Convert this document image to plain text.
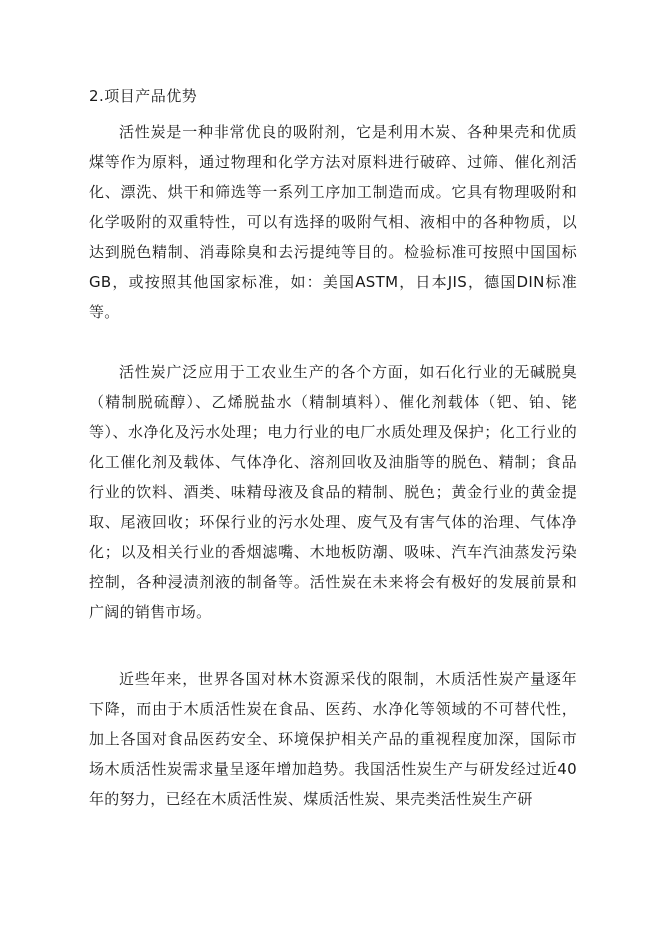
2.项目产品优势

活性炭是一种非常优良的吸附剂，它是利用木炭、各种果壳和优质煤等作为原料，通过物理和化学方法对原料进行破碎、过筛、催化剂活化、漂洗、烘干和筛选等一系列工序加工制造而成。它具有物理吸附和化学吸附的双重特性，可以有选择的吸附气相、液相中的各种物质，以达到脱色精制、消毒除臭和去污提纯等目的。检验标准可按照中国国标GB，或按照其他国家标准，如：美国ASTM，日本JIS，德国DIN标准等。

活性炭广泛应用于工农业生产的各个方面，如石化行业的无碱脱臭（精制脱硫醇）、乙烯脱盐水（精制填料）、催化剂载体（钯、铂、铑等）、水净化及污水处理；电力行业的电厂水质处理及保护；化工行业的化工催化剂及载体、气体净化、溶剂回收及油脂等的脱色、精制；食品行业的饮料、酒类、味精母液及食品的精制、脱色；黄金行业的黄金提取、尾液回收；环保行业的污水处理、废气及有害气体的治理、气体净化；以及相关行业的香烟滤嘴、木地板防潮、吸味、汽车汽油蒸发污染控制，各种浸渍剂液的制备等。活性炭在未来将会有极好的发展前景和广阔的销售市场。

近些年来，世界各国对林木资源采伐的限制，木质活性炭产量逐年下降，而由于木质活性炭在食品、医药、水净化等领域的不可替代性，加上各国对食品医药安全、环境保护相关产品的重视程度加深，国际市场木质活性炭需求量呈逐年增加趋势。我国活性炭生产与研发经过近40年的努力，已经在木质活性炭、煤质活性炭、果壳类活性炭生产研
